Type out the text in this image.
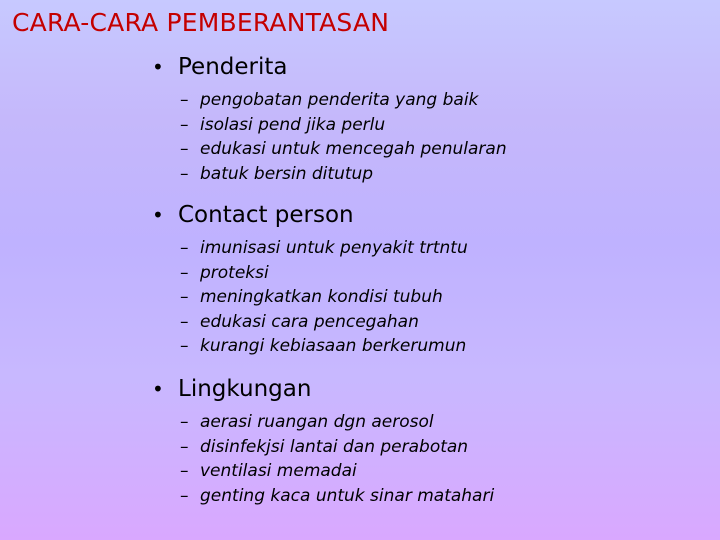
CARA-CARA PEMBERANTASAN
• Penderita
– pengobatan penderita yang baik
– isolasi pend jika perlu
– edukasi untuk mencegah penularan
– batuk bersin ditutup
• Contact person
– imunisasi untuk penyakit trtntu
– proteksi
– meningkatkan kondisi tubuh
– edukasi cara pencegahan
– kurangi kebiasaan berkerumun
• Lingkungan
– aerasi ruangan dgn aerosol
– disinfekjsi lantai dan perabotan
– ventilasi memadai
– genting kaca untuk sinar matahari
